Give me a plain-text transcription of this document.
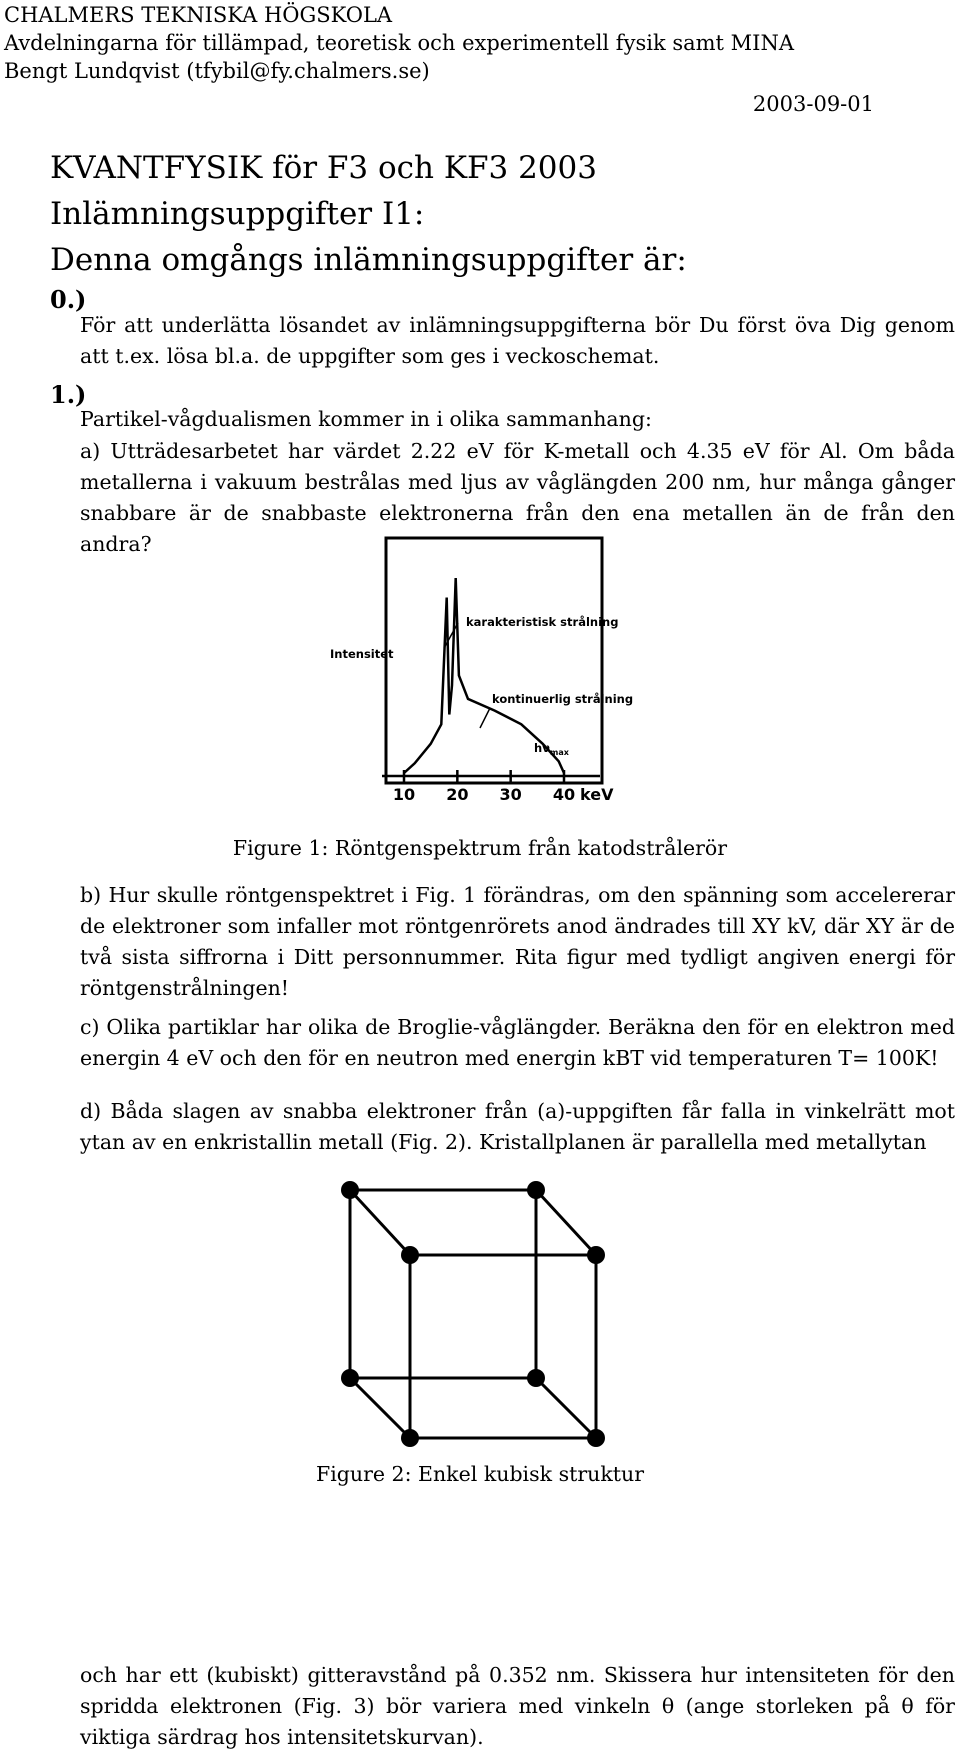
CHALMERS TEKNISKA HÖGSKOLA
Avdelningarna för tillämpad, teoretisk och experimentell fysik samt MINA
Bengt Lundqvist (tfybil@fy.chalmers.se)
2003-09-01
KVANTFYSIK för F3 och KF3 2003
Inlämningsuppgifter I1:
Denna omgångs inlämningsuppgifter är:
0.)
För att underlätta lösandet av inlämningsuppgifterna bör Du först öva Dig genom att t.ex. lösa bl.a. de uppgifter som ges i veckoschemat.
1.)
Partikel-vågdualismen kommer in i olika sammanhang:
a) Utträdesarbetet har värdet 2.22 eV för K-metall och 4.35 eV för Al. Om båda metallerna i vakuum bestrålas med ljus av våglängden 200 nm, hur många gånger snabbare är de snabbaste elektronerna från den ena metallen än de från den andra?
Intensitet
karakteristisk strålning
kontinuerlig strålning
$h\nu_{max}$
10 20 30 40 keV
Figure 1: Röntgenspektrum från katodstrålerör
b) Hur skulle röntgenspektret i Fig. 1 förändras, om den spänning som accelererar de elektroner som infaller mot röntgenrörets anod ändrades till XY kV, där XY är de två sista siffrorna i Ditt personnummer. Rita figur med tydligt angiven energi för röntgenstrålningen!
c) Olika partiklar har olika de Broglie-våglängder. Beräkna den för en elektron med energin 4 eV och den för en neutron med energin kBT vid temperaturen T= 100K!
d) Båda slagen av snabba elektroner från (a)-uppgiften får falla in vinkelrätt mot ytan av en enkristallin metall (Fig. 2). Kristallplanen är parallella med metallytan
Figure 2: Enkel kubisk struktur
och har ett (kubiskt) gitteravstånd på 0.352 nm. Skissera hur intensiteten för den spridda elektronen (Fig. 3) bör variera med vinkeln θ (ange storleken på θ för viktiga särdrag hos intensitetskurvan).
